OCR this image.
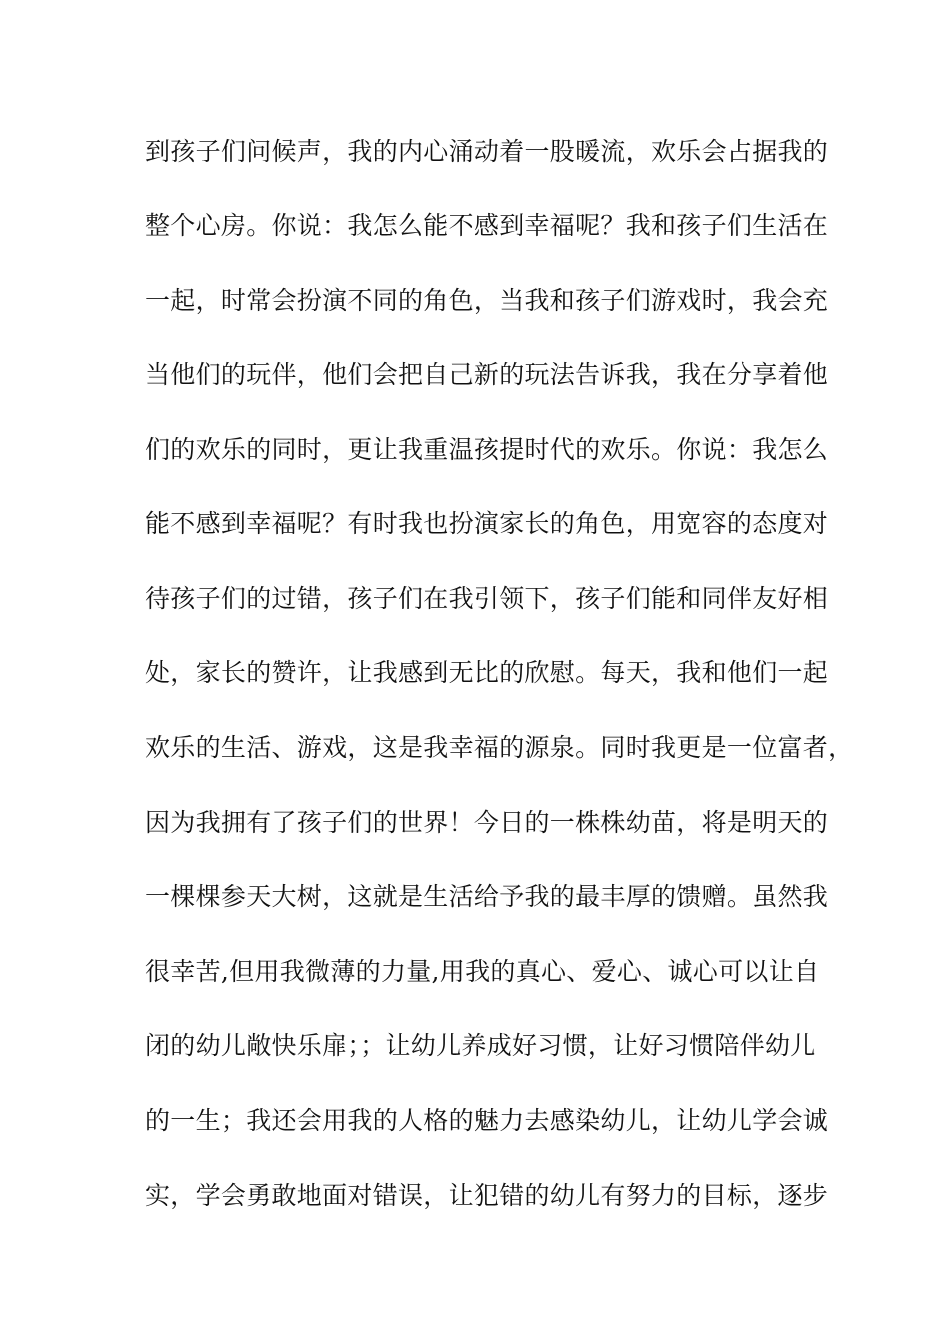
到孩子们问候声，我的内心涌动着一股暖流，欢乐会占据我的
整个心房。你说：我怎么能不感到幸福呢？我和孩子们生活在
一起，时常会扮演不同的角色，当我和孩子们游戏时，我会充
当他们的玩伴，他们会把自己新的玩法告诉我，我在分享着他
们的欢乐的同时，更让我重温孩提时代的欢乐。你说：我怎么
能不感到幸福呢？有时我也扮演家长的角色，用宽容的态度对
待孩子们的过错，孩子们在我引领下，孩子们能和同伴友好相
处，家长的赞许，让我感到无比的欣慰。每天，我和他们一起
欢乐的生活、游戏，这是我幸福的源泉。同时我更是一位富者，
因为我拥有了孩子们的世界！今日的一株株幼苗，将是明天的
一棵棵参天大树，这就是生活给予我的最丰厚的馈赠。虽然我
很幸苦,但用我微薄的力量,用我的真心、爱心、诚心可以让自
闭的幼儿敞快乐扉；；让幼儿养成好习惯，让好习惯陪伴幼儿
的一生；我还会用我的人格的魅力去感染幼儿，让幼儿学会诚
实，学会勇敢地面对错误，让犯错的幼儿有努力的目标，逐步
